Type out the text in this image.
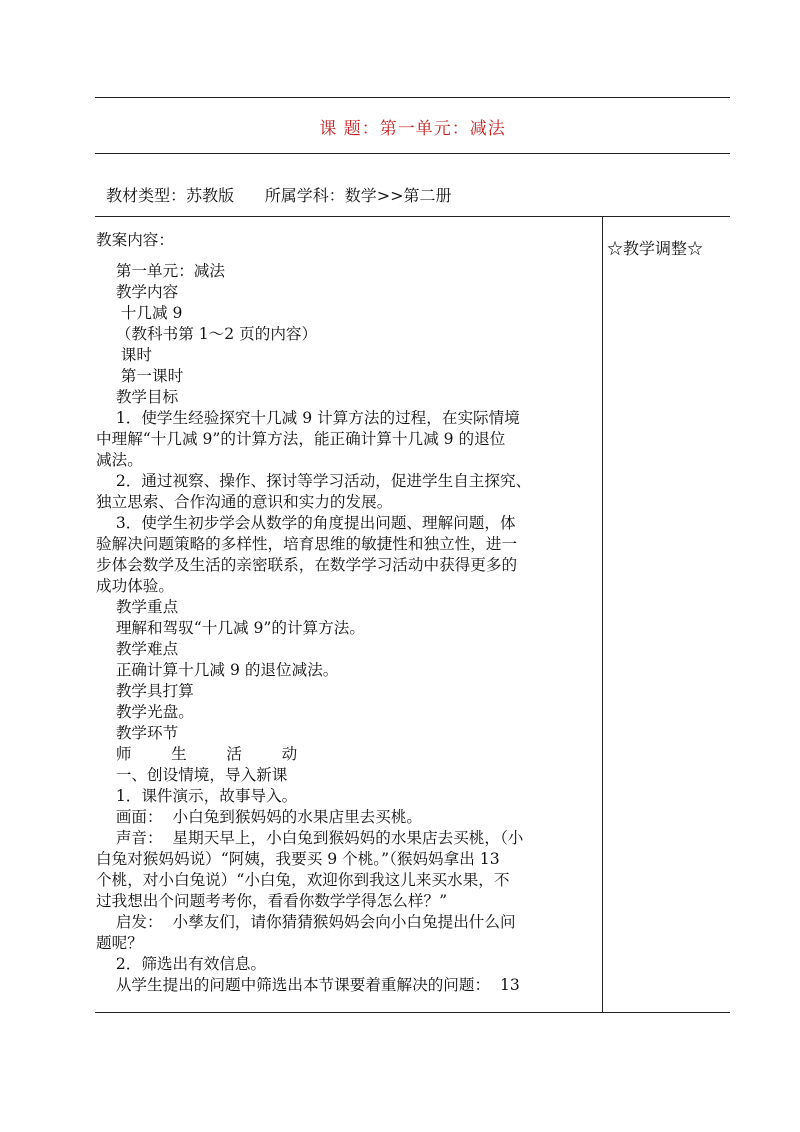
课 题：第一单元：减法

教材类型：苏教版 所属学科：数学>>第二册

☆教学调整☆
教案内容：
第一单元：减法
教学内容
十几减 9
（教科书第 1～2 页的内容）
课时
第一课时
教学目标
1．使学生经验探究十几减 9 计算方法的过程，在实际情境
中理解“十几减 9”的计算方法，能正确计算十几减 9 的退位
减法。
2．通过视察、操作、探讨等学习活动，促进学生自主探究、
独立思索、合作沟通的意识和实力的发展。
3．使学生初步学会从数学的角度提出问题、理解问题，体
验解决问题策略的多样性，培育思维的敏捷性和独立性，进一
步体会数学及生活的亲密联系，在数学学习活动中获得更多的
成功体验。
教学重点
理解和驾驭“十几减 9”的计算方法。
教学难点
正确计算十几减 9 的退位减法。
教学具打算
教学光盘。
教学环节
师        生        活        动
一、创设情境，导入新课
1．课件演示，故事导入。
画面：  小白兔到猴妈妈的水果店里去买桃。
声音：  星期天早上，小白兔到猴妈妈的水果店去买桃，（小
白兔对猴妈妈说）“阿姨，我要买 9 个桃。”（猴妈妈拿出 13
个桃，对小白兔说）“小白兔，欢迎你到我这儿来买水果，不
过我想出个问题考考你，看看你数学学得怎么样？”
启发：  小孳友们，请你猜猜猴妈妈会向小白兔提出什么问
题呢？
2．筛选出有效信息。
从学生提出的问题中筛选出本节课要着重解决的问题：  13
